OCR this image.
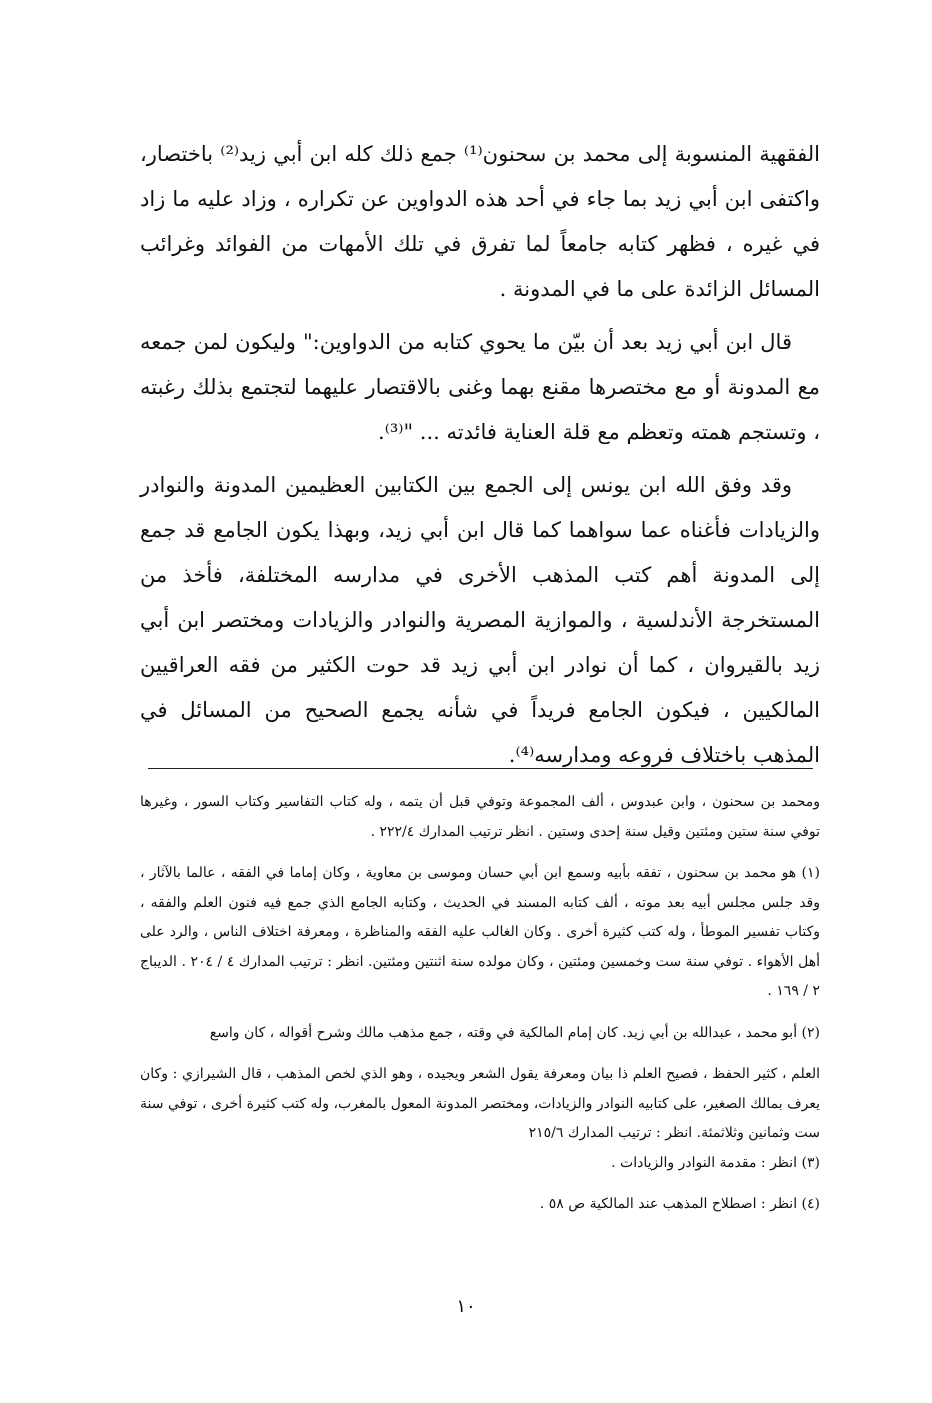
الفقهية المنسوبة إلى محمد بن سحنون⁽¹⁾ جمع ذلك كله ابن أبي زيد⁽²⁾ باختصار، واكتفى ابن أبي زيد بما جاء في أحد هذه الدواوين عن تكراره ، وزاد عليه ما زاد في غيره ، فظهر كتابه جامعاً لما تفرق في تلك الأمهات من الفوائد وغرائب المسائل الزائدة على ما في المدونة .

قال ابن أبي زيد بعد أن بيّن ما يحوي كتابه من الدواوين:" وليكون لمن جمعه مع المدونة أو مع مختصرها مقنع بهما وغنى بالاقتصار عليهما لتجتمع بذلك رغبته ، وتستجم همته وتعظم مع قلة العناية فائدته ... "⁽³⁾.

وقد وفق الله ابن يونس إلى الجمع بين الكتابين العظيمين المدونة والنوادر والزيادات فأغناه عما سواهما كما قال ابن أبي زيد، وبهذا يكون الجامع قد جمع إلى المدونة أهم كتب المذهب الأخرى في مدارسه المختلفة، فأخذ من المستخرجة الأندلسية ، والموازية المصرية والنوادر والزيادات ومختصر ابن أبي زيد بالقيروان ، كما أن نوادر ابن أبي زيد قد حوت الكثير من فقه العراقيين المالكيين ، فيكون الجامع فريداً في شأنه يجمع الصحيح من المسائل في المذهب باختلاف فروعه ومدارسه⁽⁴⁾.

ومحمد بن سحنون ، وابن عبدوس ، ألف المجموعة وتوفي قبل أن يتمه ، وله كتاب التفاسير وكتاب السور ، وغيرها توفي سنة ستين ومئتين وقيل سنة إحدى وستين . انظر ترتيب المدارك ٢٢٢/٤ .

(١) هو محمد بن سحنون ، تفقه بأبيه وسمع ابن أبي حسان وموسى بن معاوية ، وكان إماما في الفقه ، عالما بالآثار ، وقد جلس مجلس أبيه بعد موته ، ألف كتابه المسند في الحديث ، وكتابه الجامع الذي جمع فيه فنون العلم والفقه ، وكتاب تفسير الموطأ ، وله كتب كثيرة أخرى . وكان الغالب عليه الفقه والمناظرة ، ومعرفة اختلاف الناس ، والرد على أهل الأهواء . توفي سنة ست وخمسين ومئتين ، وكان مولده سنة اثنتين ومئتين. انظر : ترتيب المدارك ٤ / ٢٠٤ . الديباج ٢ / ١٦٩ .

(٢) أبو محمد ، عبدالله بن أبي زيد. كان إمام المالكية في وقته ، جمع مذهب مالك وشرح أقواله ، كان واسع

العلم ، كثير الحفظ ، فصيح العلم ذا بيان ومعرفة يقول الشعر ويجيده ، وهو الذي لخص المذهب ، قال الشيرازي : وكان يعرف بمالك الصغير، على كتابيه النوادر والزيادات، ومختصر المدونة المعول بالمغرب، وله كتب كثيرة أخرى ، توفي سنة ست وثمانين وثلاثمئة. انظر : ترتيب المدارك ٢١٥/٦

(٣) انظر : مقدمة النوادر والزيادات .

(٤) انظر : اصطلاح المذهب عند المالكية ص ٥٨ .

١٠
